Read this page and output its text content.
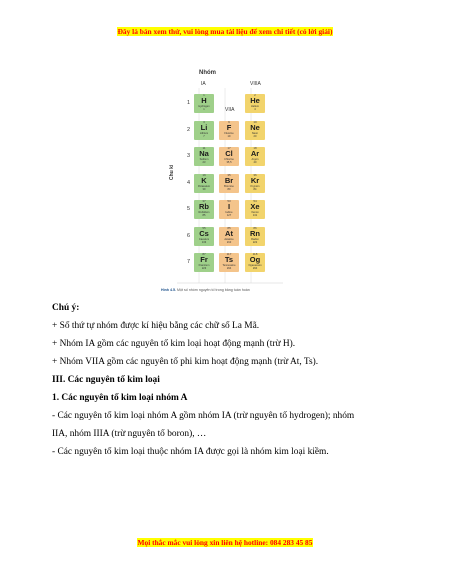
Đây là bản xem thử, vui lòng mua tài liệu để xem chi tiết (có lời giải)
Nhóm
IA
VIIA
VIIIA
Chu kì
1
2
3
4
5
6
7
1
H
Hydrogen
1
3
Li
Lithium
7
11
Na
Sodium
23
19
K
Potassium
39
37
Rb
Rubidium
85
55
Cs
Caesium
133
87
Fr
Francium
223
9
F
Fluorine
19
17
Cl
Chlorine
35,5
35
Br
Bromine
80
53
I
Iodine
127
85
At
Astatine
210
117
Ts
Tennessine
294
2
He
Helium
4
10
Ne
Neon
20
18
Ar
Argon
40
36
Kr
Krypton
84
54
Xe
Xenon
131
86
Rn
Radon
222
118
Og
Oganesson
294
Hình 4.5. Một số nhóm nguyên tố trong bảng tuần hoàn
Chú ý:
+ Số thứ tự nhóm được kí hiệu bằng các chữ số La Mã.
+ Nhóm IA gồm các nguyên tố kim loại hoạt động mạnh (trừ H).
+ Nhóm VIIA gồm các nguyên tố phi kim hoạt động mạnh (trừ At, Ts).
III. Các nguyên tố kim loại
1. Các nguyên tố kim loại nhóm A
- Các nguyên tố kim loại nhóm A gồm nhóm IA (trừ nguyên tố hydrogen); nhóm
IIA, nhóm IIIA (trừ nguyên tố boron), …
- Các nguyên tố kim loại thuộc nhóm IA được gọi là nhóm kim loại kiềm.
Mọi thắc mắc vui lòng xin liên hệ hotline: 084 283 45 85
